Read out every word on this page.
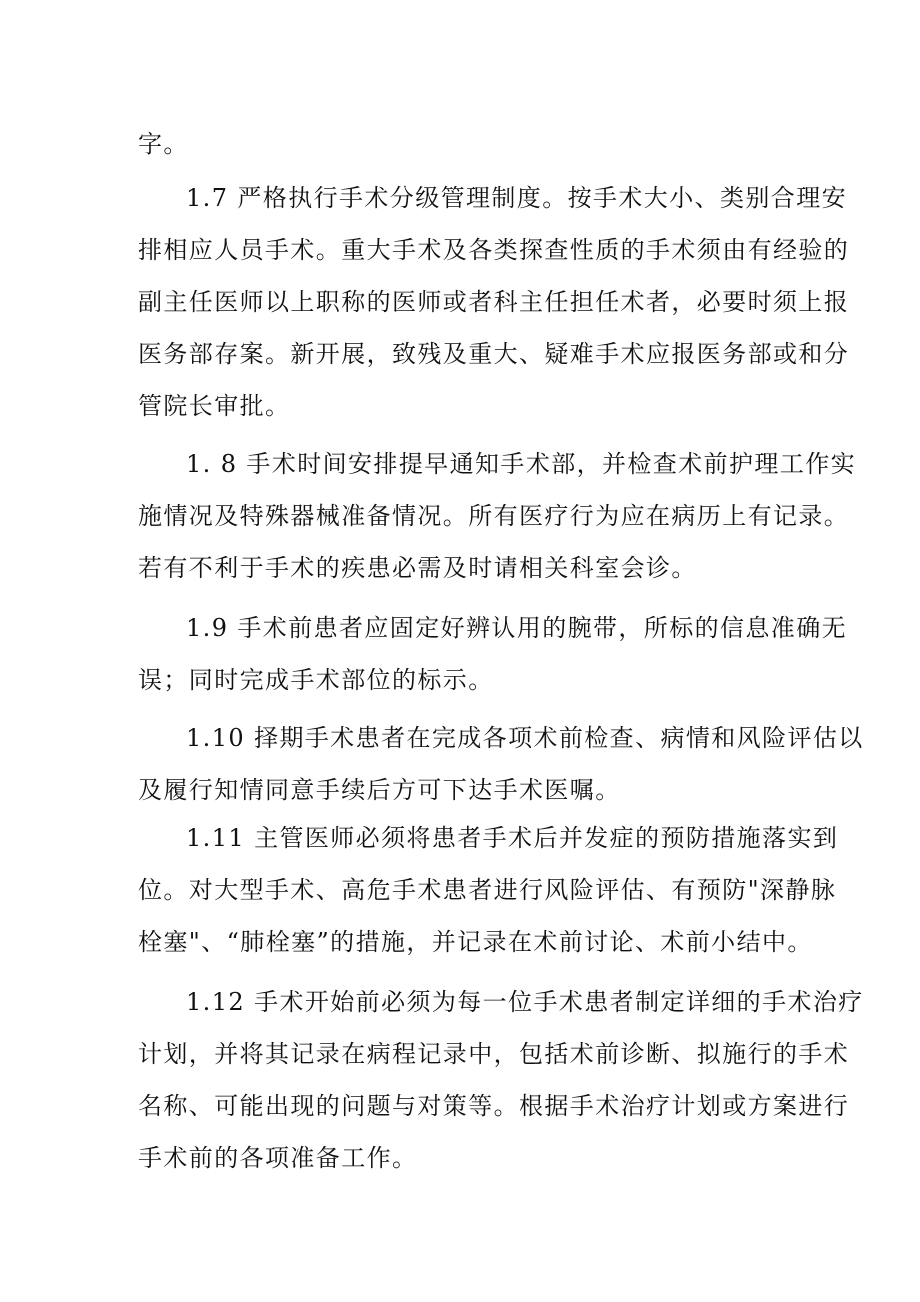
字。

1.7 严格执行手术分级管理制度。按手术大小、类别合理安

排相应人员手术。重大手术及各类探查性质的手术须由有经验的

副主任医师以上职称的医师或者科主任担任术者，必要时须上报

医务部存案。新开展，致残及重大、疑难手术应报医务部或和分

管院长审批。

1. 8 手术时间安排提早通知手术部，并检查术前护理工作实

施情况及特殊器械准备情况。所有医疗行为应在病历上有记录。

若有不利于手术的疾患必需及时请相关科室会诊。

1.9 手术前患者应固定好辨认用的腕带，所标的信息准确无

误；同时完成手术部位的标示。

1.10 择期手术患者在完成各项术前检查、病情和风险评估以

及履行知情同意手续后方可下达手术医嘱。

1.11 主管医师必须将患者手术后并发症的预防措施落实到

位。对大型手术、高危手术患者进行风险评估、有预防"深静脉

栓塞"、“肺栓塞”的措施，并记录在术前讨论、术前小结中。

1.12 手术开始前必须为每一位手术患者制定详细的手术治疗

计划，并将其记录在病程记录中，包括术前诊断、拟施行的手术

名称、可能出现的问题与对策等。根据手术治疗计划或方案进行

手术前的各项准备工作。
